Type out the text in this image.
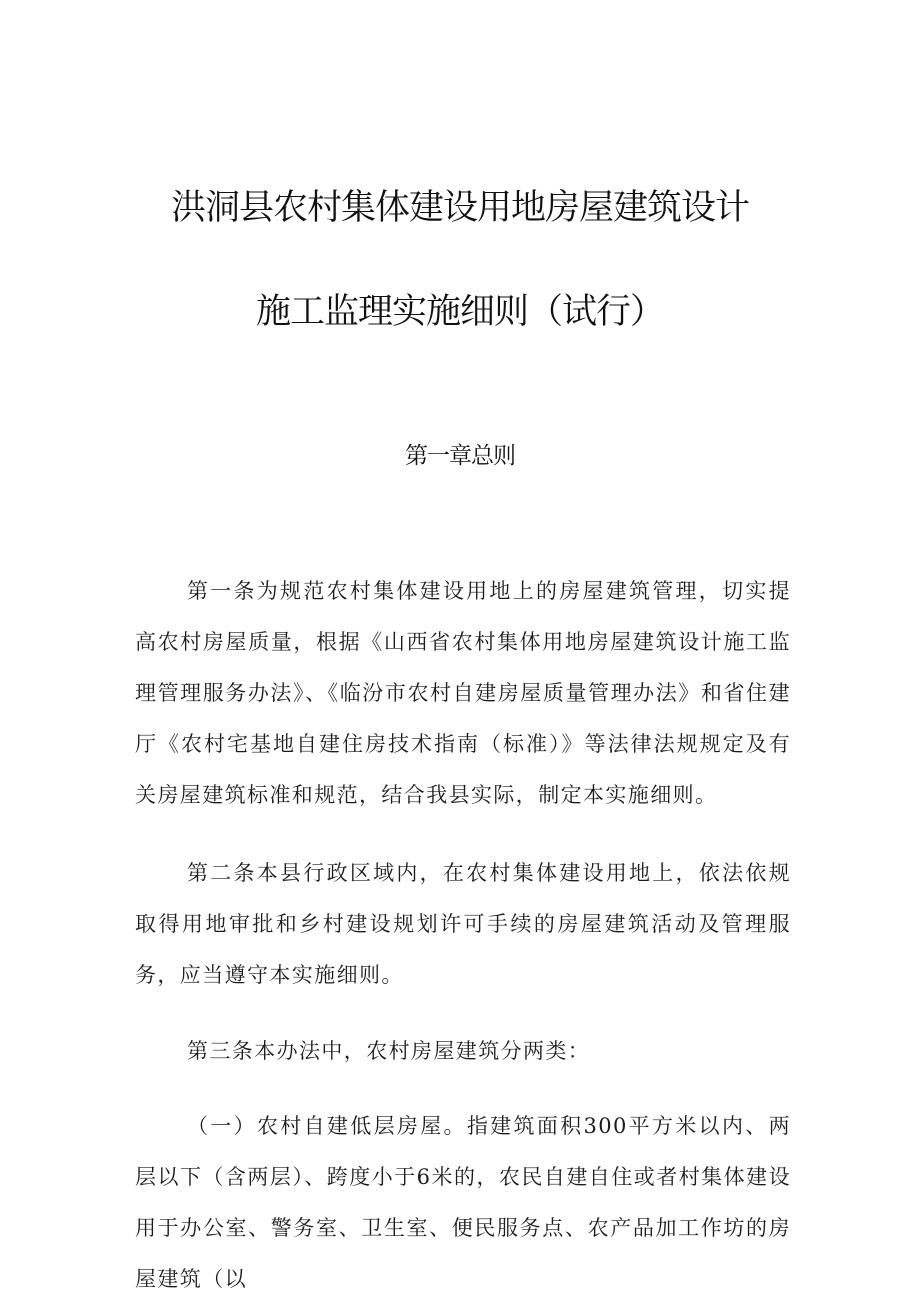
洪洞县农村集体建设用地房屋建筑设计
施工监理实施细则（试行）
第一章总则

第一条为规范农村集体建设用地上的房屋建筑管理，切实提高农村房屋质量，根据《山西省农村集体用地房屋建筑设计施工监理管理服务办法》、《临汾市农村自建房屋质量管理办法》和省住建厅《农村宅基地自建住房技术指南（标准）》等法律法规规定及有关房屋建筑标准和规范，结合我县实际，制定本实施细则。

第二条本县行政区域内，在农村集体建设用地上，依法依规取得用地审批和乡村建设规划许可手续的房屋建筑活动及管理服务，应当遵守本实施细则。

第三条本办法中，农村房屋建筑分两类：

（一）农村自建低层房屋。指建筑面积300平方米以内、两层以下（含两层）、跨度小于6米的，农民自建自住或者村集体建设用于办公室、警务室、卫生室、便民服务点、农产品加工作坊的房屋建筑（以
